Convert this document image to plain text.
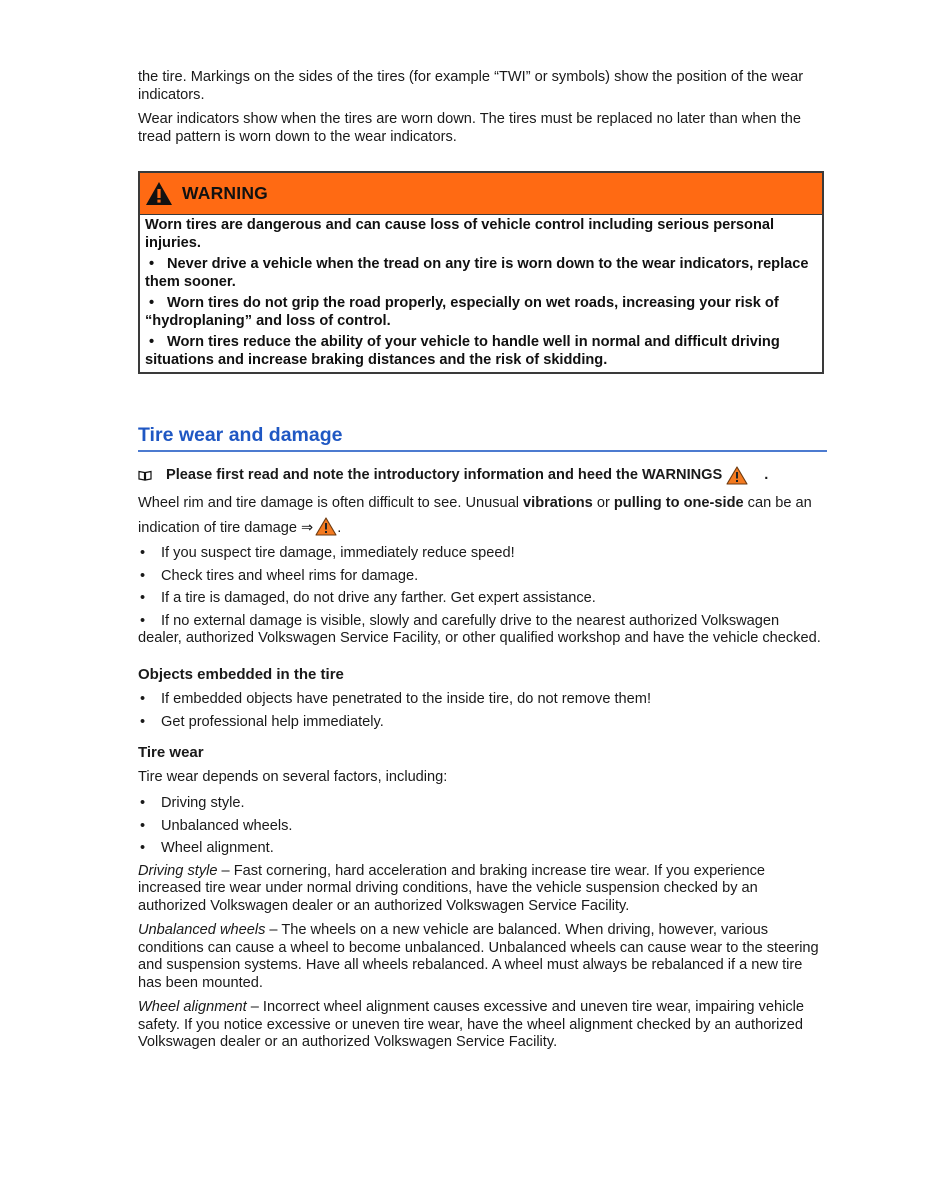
the tire. Markings on the sides of the tires (for example “TWI” or symbols) show the position of the wear indicators.

Wear indicators show when the tires are worn down. The tires must be replaced no later than when the tread pattern is worn down to the wear indicators.

WARNING

Worn tires are dangerous and can cause loss of vehicle control including serious personal injuries.

• Never drive a vehicle when the tread on any tire is worn down to the wear indicators, replace them sooner.

• Worn tires do not grip the road properly, especially on wet roads, increasing your risk of “hydroplaning” and loss of control.

• Worn tires reduce the ability of your vehicle to handle well in normal and difficult driving situations and increase braking distances and the risk of skidding.

Tire wear and damage

Please first read and note the introductory information and heed the WARNINGS	.

Wheel rim and tire damage is often difficult to see. Unusual vibrations or pulling to one-side can be an indication of tire damage ⇒ .

•	If you suspect tire damage, immediately reduce speed!
•	Check tires and wheel rims for damage.
•	If a tire is damaged, do not drive any farther. Get expert assistance.
• If no external damage is visible, slowly and carefully drive to the nearest authorized Volkswagen dealer, authorized Volkswagen Service Facility, or other qualified workshop and have the vehicle checked.
Objects embedded in the tire
•	If embedded objects have penetrated to the inside tire, do not remove them!
•	Get professional help immediately.
Tire wear

Tire wear depends on several factors, including:

•	Driving style.
•	Unbalanced wheels.
•	Wheel alignment.

Driving style – Fast cornering, hard acceleration and braking increase tire wear. If you experience increased tire wear under normal driving conditions, have the vehicle suspension checked by an authorized Volkswagen dealer or an authorized Volkswagen Service Facility.

Unbalanced wheels – The wheels on a new vehicle are balanced. When driving, however, various conditions can cause a wheel to become unbalanced. Unbalanced wheels can cause wear to the steering and suspension systems. Have all wheels rebalanced. A wheel must always be rebalanced if a new tire has been mounted.

Wheel alignment – Incorrect wheel alignment causes excessive and uneven tire wear, impairing vehicle safety. If you notice excessive or uneven tire wear, have the wheel alignment checked by an authorized Volkswagen dealer or an authorized Volkswagen Service Facility.
